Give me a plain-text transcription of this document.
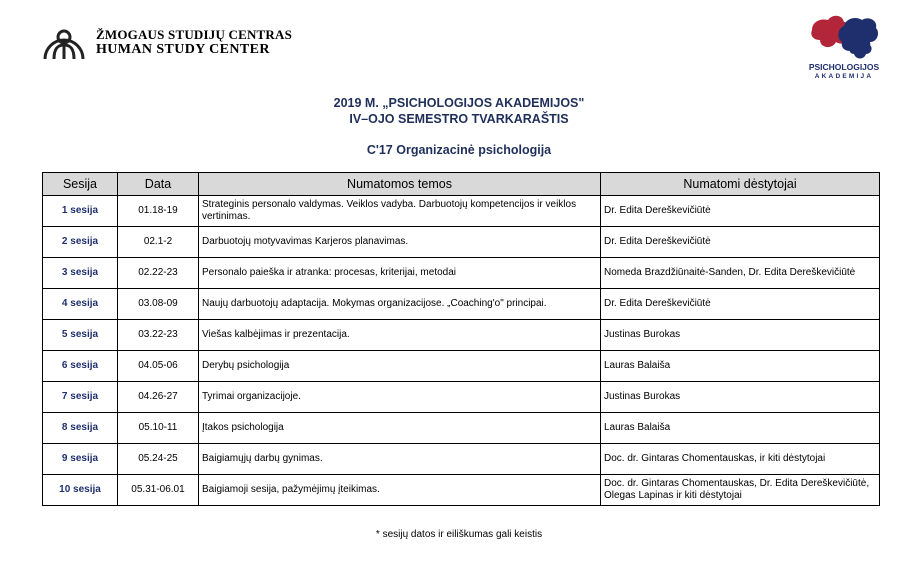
ŽMOGAUS STUDIJŲ CENTRAS
HUMAN STUDY CENTER
PSICHOLOGIJOS
AKADEMIJA
2019 M. „PSICHOLOGIJOS AKADEMIJOS"
IV–OJO SEMESTRO TVARKARAŠTIS
C'17 Organizacinė psichologija
Sesija	Data	Numatomos temos	Numatomi dėstytojai
1 sesija	01.18-19	Strateginis personalo valdymas. Veiklos vadyba. Darbuotojų kompetencijos ir veiklos vertinimas.	Dr. Edita Dereškevičiūtė
2 sesija	02.1-2	Darbuotojų motyvavimas Karjeros planavimas.	Dr. Edita Dereškevičiūtė
3 sesija	02.22-23	Personalo paieška ir atranka: procesas, kriterijai, metodai	Nomeda Brazdžiūnaitė-Sanden, Dr. Edita Dereškevičiūtė
4 sesija	03.08-09	Naujų darbuotojų adaptacija. Mokymas organizacijose. „Coaching'o" principai.	Dr. Edita Dereškevičiūtė
5 sesija	03.22-23	Viešas kalbėjimas ir prezentacija.	Justinas Burokas
6 sesija	04.05-06	Derybų psichologija	Lauras Balaiša
7 sesija	04.26-27	Tyrimai organizacijoje.	Justinas Burokas
8 sesija	05.10-11	Įtakos psichologija	Lauras Balaiša
9 sesija	05.24-25	Baigiamųjų darbų gynimas.	Doc. dr. Gintaras Chomentauskas, ir kiti dėstytojai
10 sesija	05.31-06.01	Baigiamoji sesija, pažymėjimų įteikimas.	Doc. dr. Gintaras Chomentauskas, Dr. Edita Dereškevičiūtė, Olegas Lapinas ir kiti dėstytojai
* sesijų datos ir eiliškumas gali keistis
